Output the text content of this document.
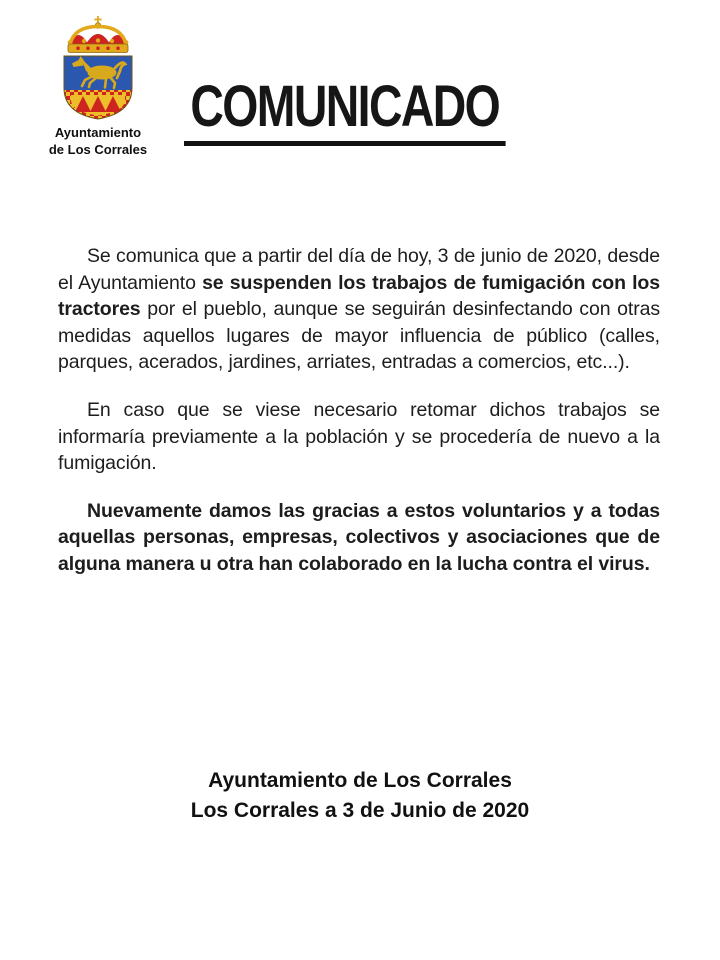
Ayuntamiento
de Los Corrales
COMUNICADO

Se comunica que a partir del día de hoy, 3 de junio de 2020, desde el Ayuntamiento se suspenden los trabajos de fumigación con los tractores por el pueblo, aunque se seguirán desinfectando con otras medidas aquellos lugares de mayor influencia de público (calles, parques, acerados, jardines, arriates, entradas a comercios, etc...).

En caso que se viese necesario retomar dichos trabajos se informaría previamente a la población y se procedería de nuevo a la fumigación.

Nuevamente damos las gracias a estos voluntarios y a todas aquellas personas, empresas, colectivos y asociaciones que de alguna manera u otra han colaborado en la lucha contra el virus.

Ayuntamiento de Los Corrales
Los Corrales a 3 de Junio de 2020
